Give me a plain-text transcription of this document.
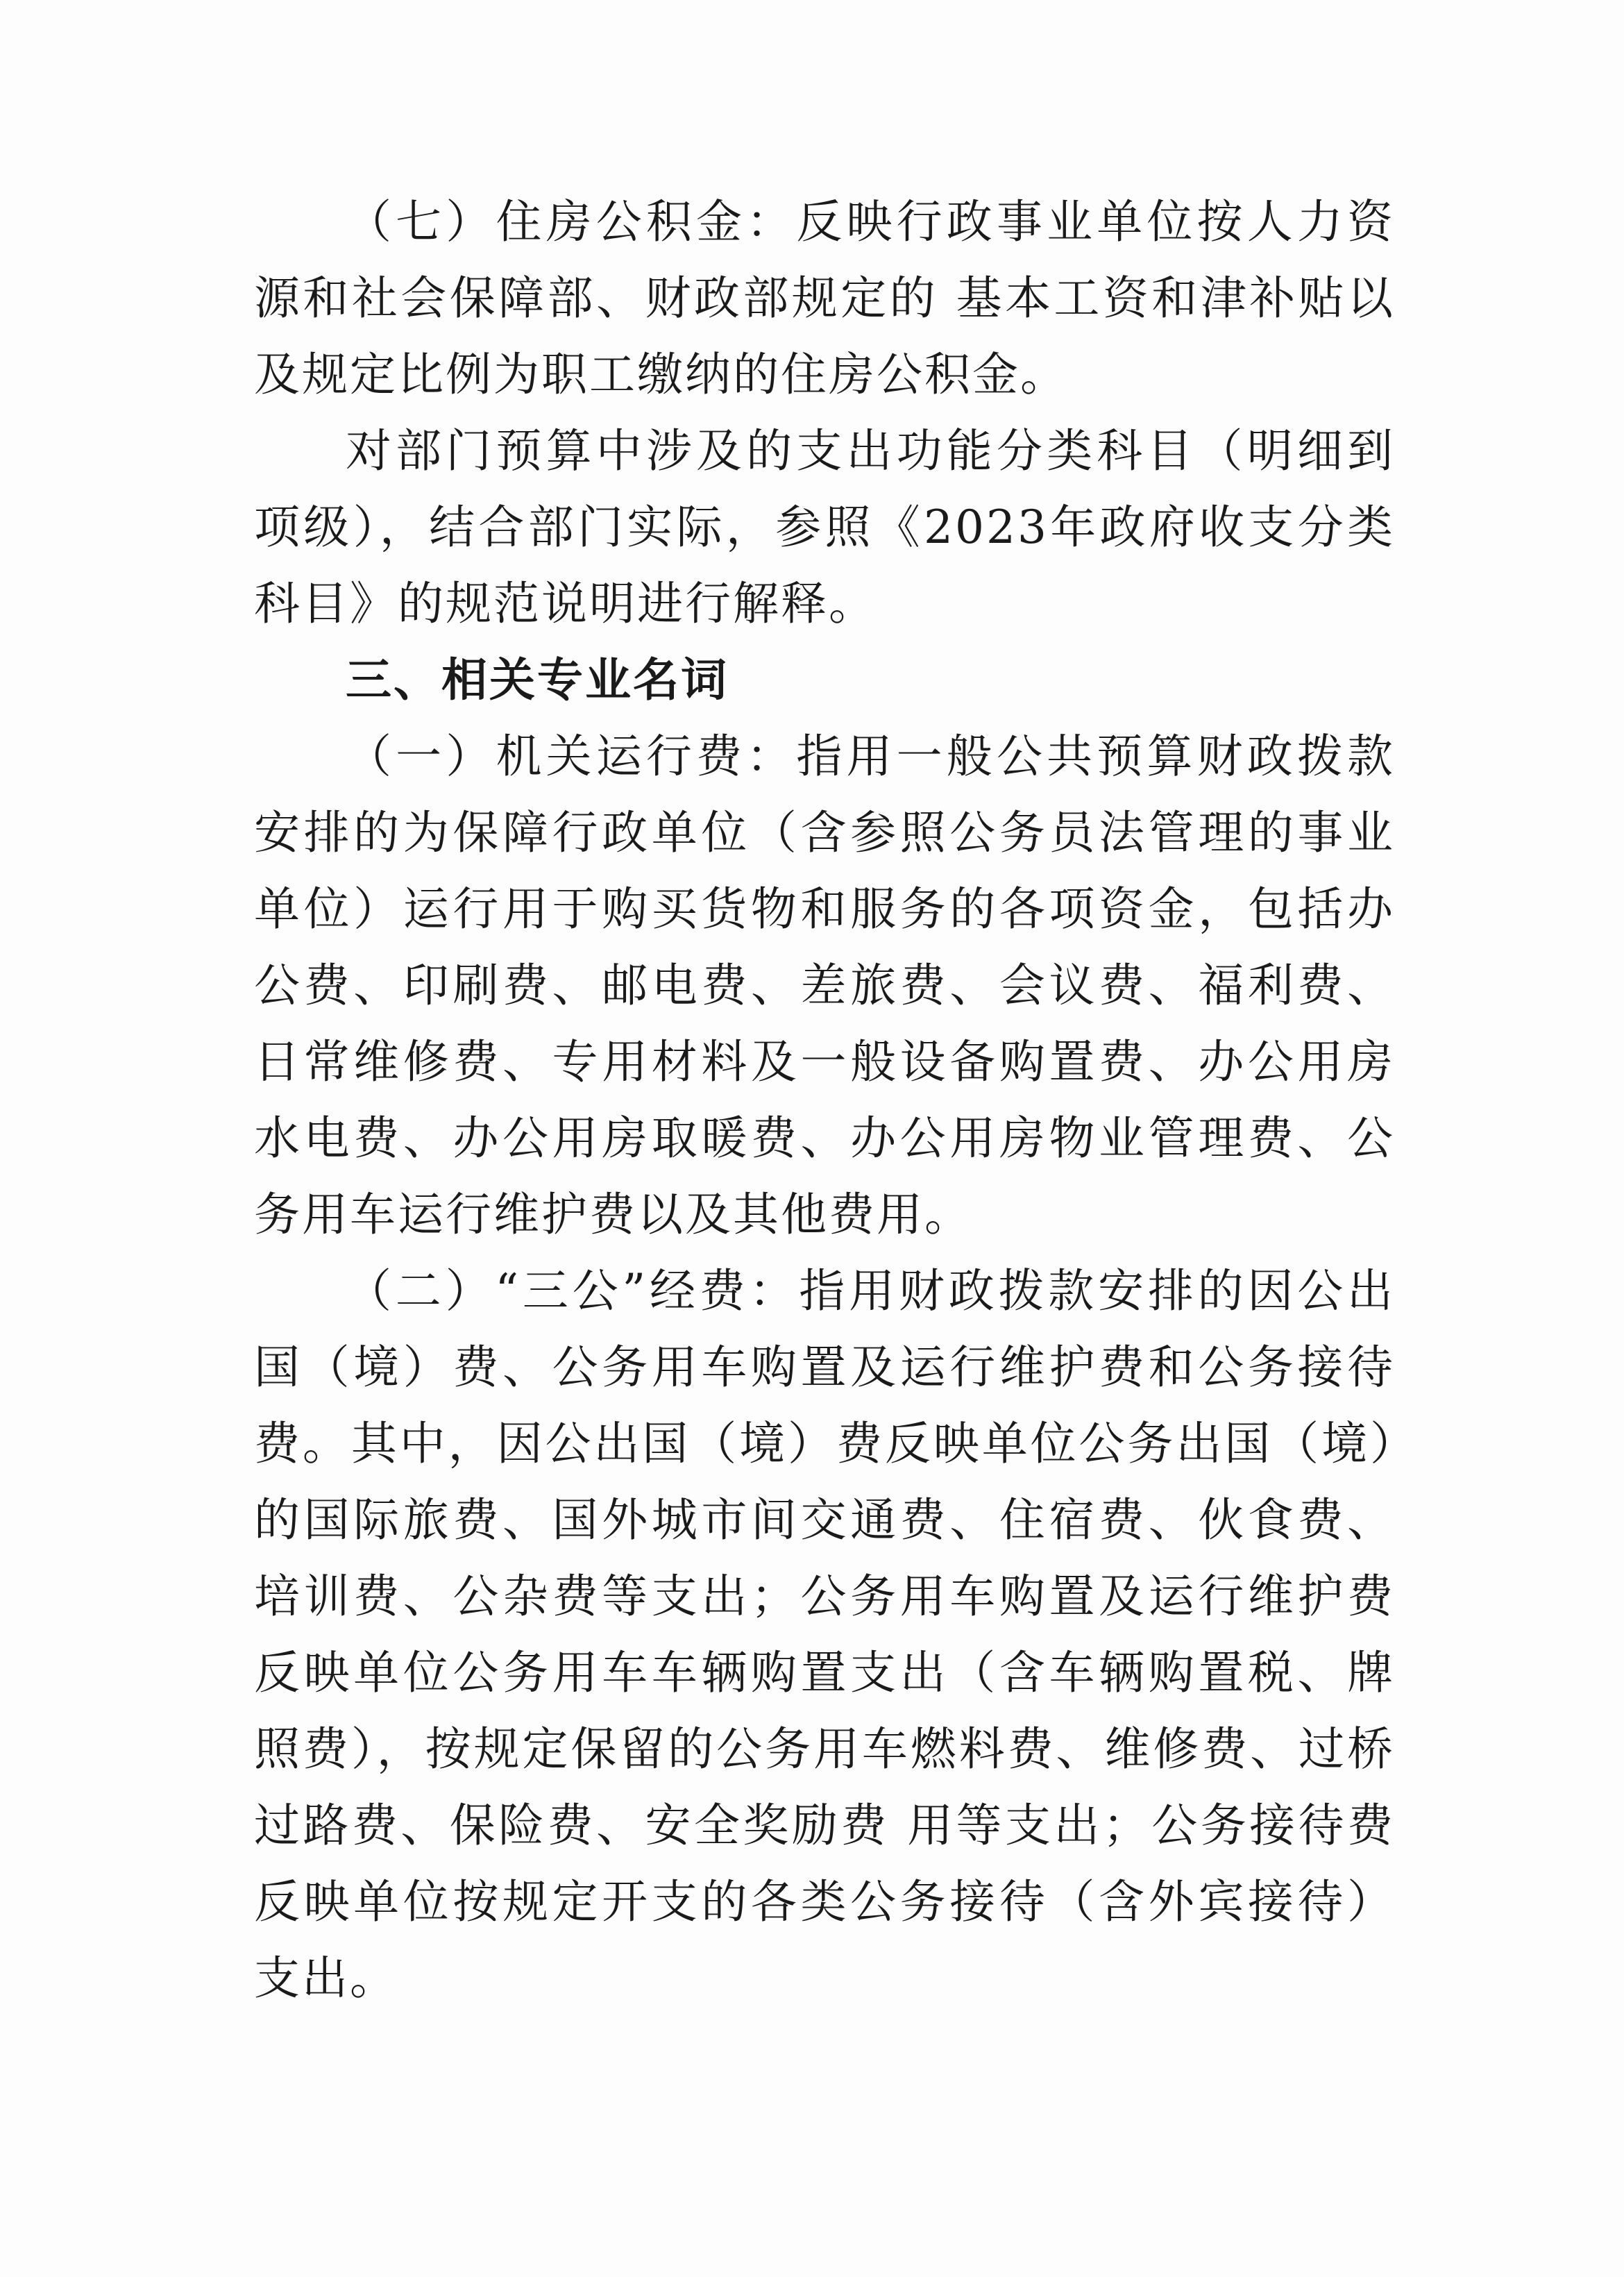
（七）住房公积金：反映行政事业单位按人力资源和社会保障部、财政部规定的 基本工资和津补贴以及规定比例为职工缴纳的住房公积金。

对部门预算中涉及的支出功能分类科目（明细到项级），结合部门实际，参照《2023年政府收支分类科目》的规范说明进行解释。

三、相关专业名词

（一）机关运行费：指用一般公共预算财政拨款安排的为保障行政单位（含参照公务员法管理的事业单位）运行用于购买货物和服务的各项资金，包括办公费、印刷费、邮电费、差旅费、会议费、福利费、日常维修费、专用材料及一般设备购置费、办公用房水电费、办公用房取暖费、办公用房物业管理费、公务用车运行维护费以及其他费用。

（二）“三公”经费：指用财政拨款安排的因公出国（境）费、公务用车购置及运行维护费和公务接待费。其中，因公出国（境）费反映单位公务出国（境）的国际旅费、国外城市间交通费、住宿费、伙食费、培训费、公杂费等支出；公务用车购置及运行维护费反映单位公务用车车辆购置支出（含车辆购置税、牌照费），按规定保留的公务用车燃料费、维修费、过桥过路费、保险费、安全奖励费 用等支出；公务接待费反映单位按规定开支的各类公务接待（含外宾接待）支出。
